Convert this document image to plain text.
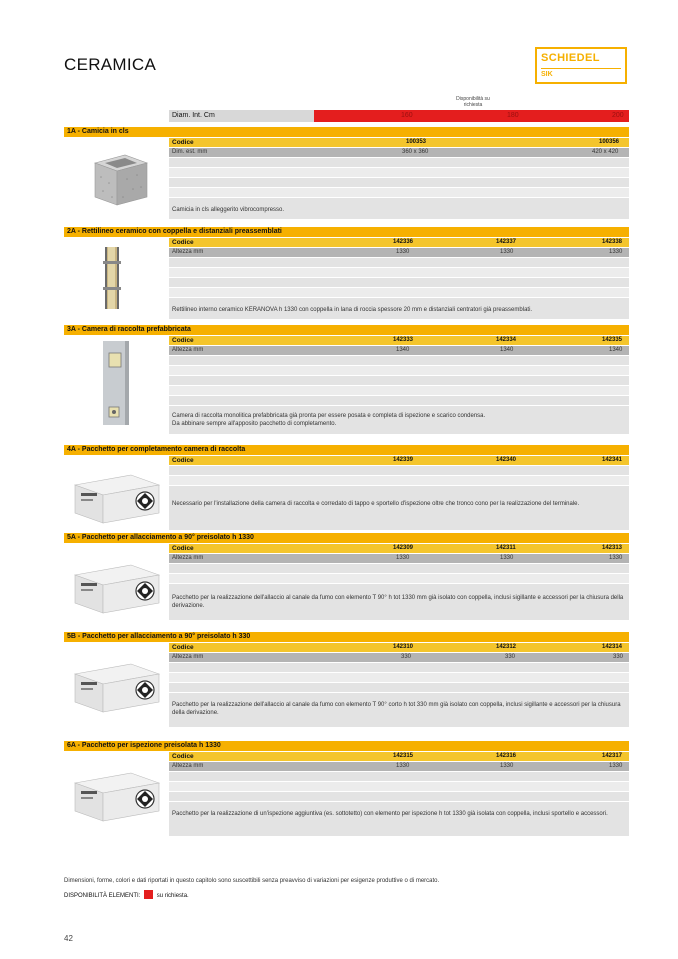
CERAMICA	SCHIEDEL
SIK
Disponibilità su richiesta
Diam. Int. Cm	160	180	200
1A - Camicia in cls
Codice	100353	100356
Dim. est. mm	360 x 360	420 x 420
Camicia in cls alleggerito vibrocompresso.
2A - Rettilineo ceramico con coppella e distanziali preassemblati
Codice	142336	142337	142338
Altezza mm	1330	1330	1330
Rettilineo interno ceramico KERANOVA h 1330 con coppella in lana di roccia spessore 20 mm e distanziali centratori già preassemblati.
3A - Camera di raccolta prefabbricata
Codice	142333	142334	142335
Altezza mm	1340	1340	1340
Camera di raccolta monolitica prefabbricata già pronta per essere posata e completa di ispezione e scarico condensa.
Da abbinare sempre all'apposito pacchetto di completamento.
4A - Pacchetto per completamento camera di raccolta
Codice	142339	142340	142341
Necessario per l'installazione della camera di raccolta e corredato di tappo e sportello d'ispezione oltre che tronco cono per la realizzazione del terminale.
5A - Pacchetto per allacciamento a 90° preisolato h 1330
Codice	142309	142311	142313
Altezza mm	1330	1330	1330
Pacchetto per la realizzazione dell'allaccio al canale da fumo con elemento T 90° h tot 1330 mm già isolato con coppella, inclusi sigillante e accessori per la chiusura della derivazione.
5B - Pacchetto per allacciamento a 90° preisolato h 330
Codice	142310	142312	142314
Altezza mm	330	330	330
Pacchetto per la realizzazione dell'allaccio al canale da fumo con elemento T 90° corto h tot 330 mm già isolato con coppella, inclusi sigillante e accessori per la chiusura della derivazione.
6A - Pacchetto per ispezione preisolata h 1330
Codice	142315	142316	142317
Altezza mm	1330	1330	1330
Pacchetto per la realizzazione di un'ispezione aggiuntiva (es. sottotetto) con elemento per ispezione h tot 1330 già isolata con coppella, inclusi sportello e accessori.
Dimensioni, forme, colori e dati riportati in questo capitolo sono suscettibili senza preavviso di variazioni per esigenze produttive o di mercato.
DISPONIBILITÀ ELEMENTI:	su richiesta.
42
